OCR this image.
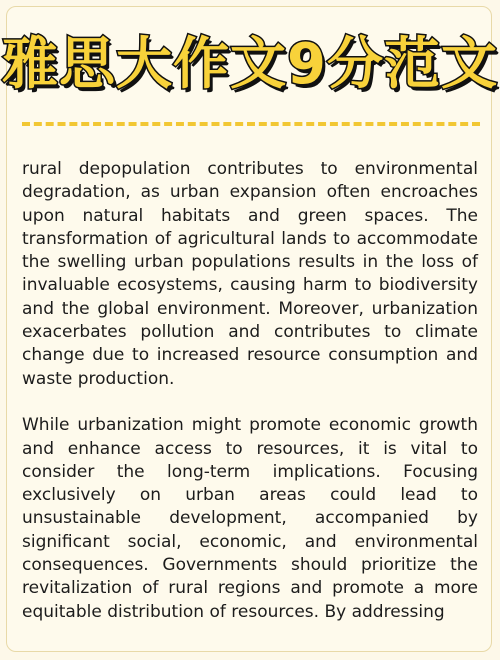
雅思大作文9分范文

rural depopulation contributes to environmental degradation, as urban expansion often encroaches upon natural habitats and green spaces. The transformation of agricultural lands to accommodate the swelling urban populations results in the loss of invaluable ecosystems, causing harm to biodiversity and the global environment. Moreover, urbanization exacerbates pollution and contributes to climate change due to increased resource consumption and waste production.

While urbanization might promote economic growth and enhance access to resources, it is vital to consider the long-term implications. Focusing exclusively on urban areas could lead to unsustainable development, accompanied by significant social, economic, and environmental consequences. Governments should prioritize the revitalization of rural regions and promote a more equitable distribution of resources. By addressing
